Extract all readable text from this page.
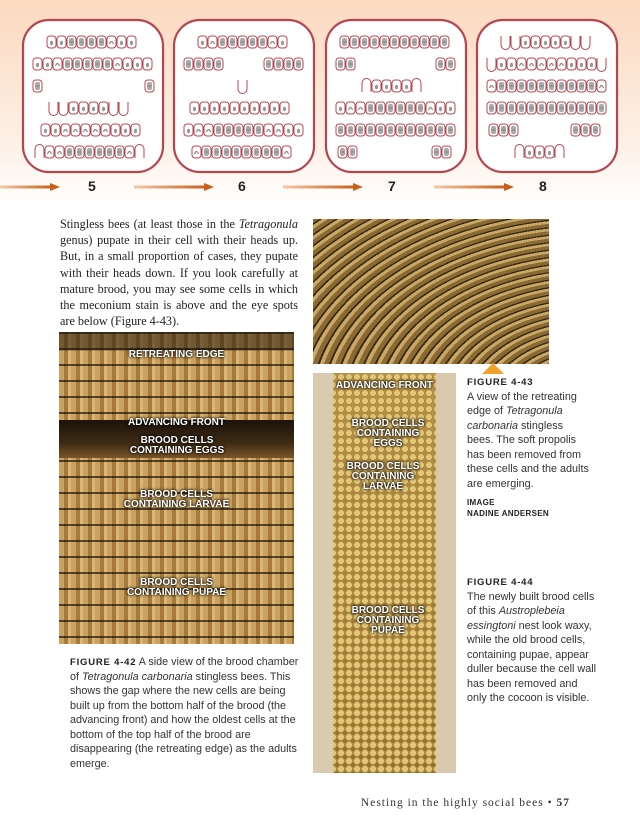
5	6	7	8

Stingless bees (at least those in the Tetragonula genus) pupate in their cell with their heads up. But, in a small proportion of cases, they pupate with their heads down. If you look carefully at mature brood, you may see some cells in which the meconium stain is above and the eye spots are below (Figure 4-43).

RETREATING EDGE
ADVANCING FRONT
BROOD CELLS CONTAINING EGGS
BROOD CELLS CONTAINING LARVAE
BROOD CELLS CONTAINING PUPAE
ADVANCING FRONT
BROOD CELLS CONTAINING EGGS
BROOD CELLS CONTAINING LARVAE
BROOD CELLS CONTAINING PUPAE
FIGURE 4-43
A view of the retreating edge of Tetragonula carbonaria stingless bees. The soft propolis has been removed from these cells and the adults are emerging.
IMAGE
NADINE ANDERSEN
FIGURE 4-44
The newly built brood cells of this Austroplebeia essingtoni nest look waxy, while the old brood cells, containing pupae, appear duller because the cell wall has been removed and only the cocoon is visible.
FIGURE 4-42 A side view of the brood chamber of Tetragonula carbonaria stingless bees. This shows the gap where the new cells are being built up from the bottom half of the brood (the advancing front) and how the oldest cells at the bottom of the top half of the brood are disappearing (the retreating edge) as the adults emerge.
Nesting in the highly social bees • 57
